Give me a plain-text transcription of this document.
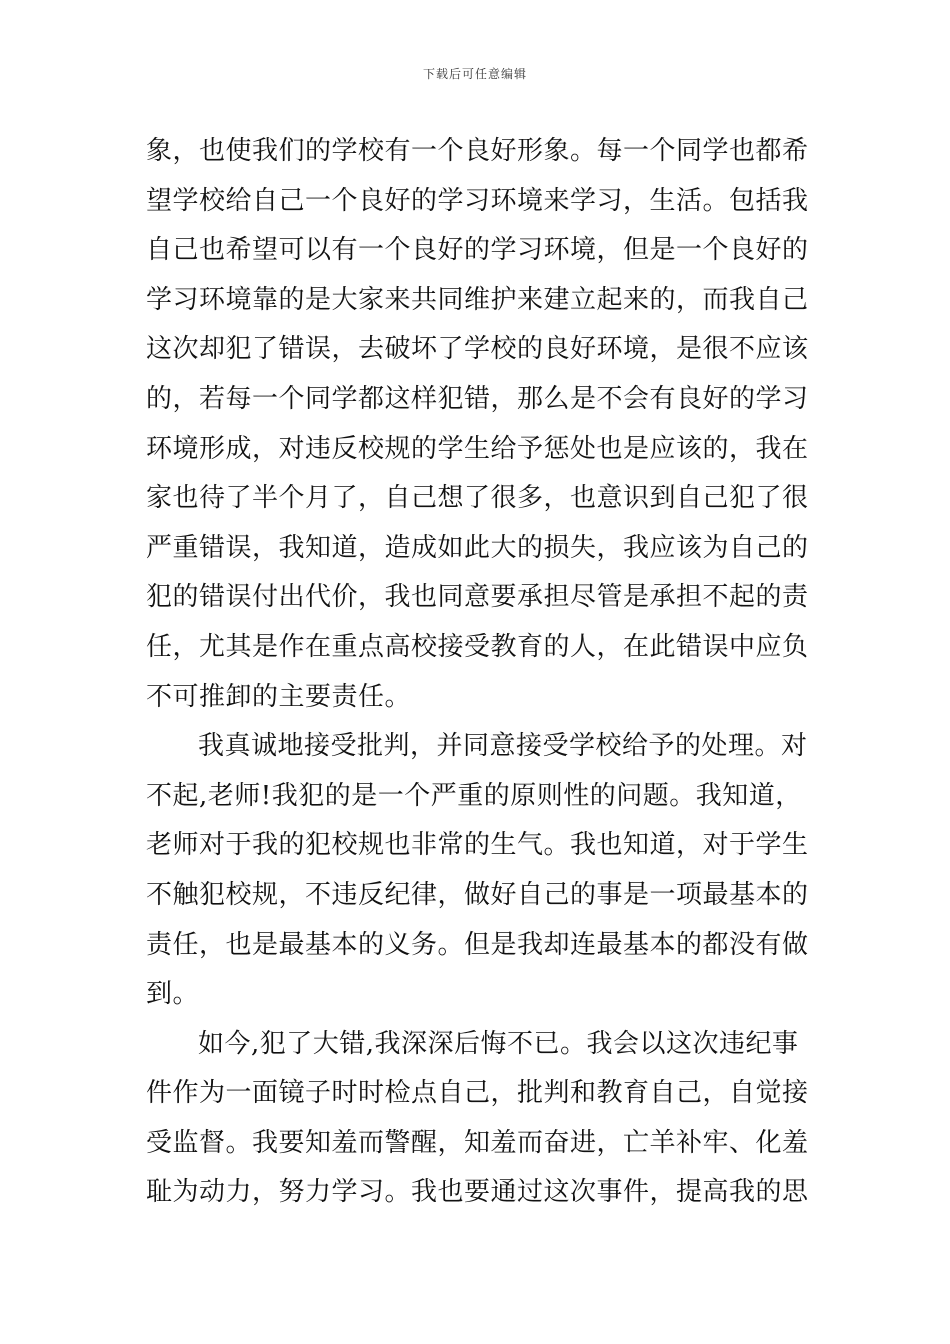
下载后可任意编辑
象，也使我们的学校有一个良好形象。每一个同学也都希
望学校给自己一个良好的学习环境来学习，生活。包括我
自己也希望可以有一个良好的学习环境，但是一个良好的
学习环境靠的是大家来共同维护来建立起来的，而我自己
这次却犯了错误，去破坏了学校的良好环境，是很不应该
的，若每一个同学都这样犯错，那么是不会有良好的学习
环境形成，对违反校规的学生给予惩处也是应该的，我在
家也待了半个月了，自己想了很多，也意识到自己犯了很
严重错误，我知道，造成如此大的损失，我应该为自己的
犯的错误付出代价，我也同意要承担尽管是承担不起的责
任，尤其是作在重点高校接受教育的人，在此错误中应负
不可推卸的主要责任。
我真诚地接受批判，并同意接受学校给予的处理。对
不起,老师!我犯的是一个严重的原则性的问题。我知道，
老师对于我的犯校规也非常的生气。我也知道，对于学生
不触犯校规，不违反纪律，做好自己的事是一项最基本的
责任，也是最基本的义务。但是我却连最基本的都没有做
到。
如今,犯了大错,我深深后悔不已。我会以这次违纪事
件作为一面镜子时时检点自己，批判和教育自己，自觉接
受监督。我要知羞而警醒，知羞而奋进，亡羊补牢、化羞
耻为动力，努力学习。我也要通过这次事件，提高我的思
